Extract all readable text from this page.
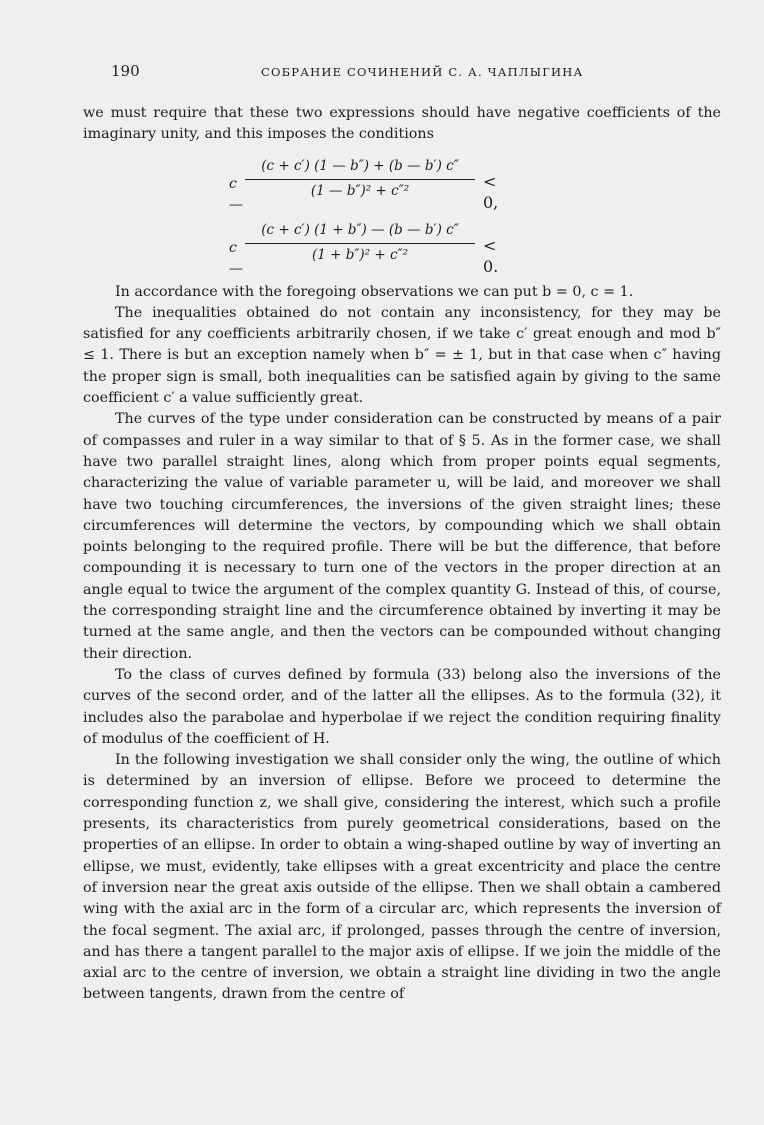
190	СОБРАНИЕ СОЧИНЕНИЙ С. А. ЧАПЛЫГИНА

we must require that these two expressions should have negative coefficients of the imaginary unity, and this imposes the conditions

c —
$\frac{(c + c') (1 — b'') + (b — b') c''}{\text{(1 — b″)² + c″²}} < 0$,
c —
$\frac{(c + c') (1 + b'') — (b — b') c''}{\text{(1 + b″)² + c″²}} < 0$.

In accordance with the foregoing observations we can put b = 0, c = 1.

The inequalities obtained do not contain any inconsistency, for they may be satisfied for any coefficients arbitrarily chosen, if we take c′ great enough and mod b″ ≤ 1. There is but an exception namely when b″ = ± 1, but in that case when c″ having the proper sign is small, both inequalities can be satisfied again by giving to the same coefficient c′ a value sufficiently great.

The curves of the type under consideration can be constructed by means of a pair of compasses and ruler in a way similar to that of § 5. As in the former case, we shall have two parallel straight lines, along which from proper points equal segments, characterizing the value of variable parameter u, will be laid, and moreover we shall have two touching circumferences, the inversions of the given straight lines; these circumferences will determine the vectors, by compounding which we shall obtain points belonging to the required profile. There will be but the difference, that before compounding it is necessary to turn one of the vectors in the proper direction at an angle equal to twice the argument of the complex quantity G. Instead of this, of course, the corresponding straight line and the circumference obtained by inverting it may be turned at the same angle, and then the vectors can be compounded without changing their direction.

To the class of curves defined by formula (33) belong also the inversions of the curves of the second order, and of the latter all the ellipses. As to the formula (32), it includes also the parabolae and hyperbolae if we reject the condition requiring finality of modulus of the coefficient of H.

In the following investigation we shall consider only the wing, the outline of which is determined by an inversion of ellipse. Before we proceed to determine the corresponding function z, we shall give, considering the interest, which such a profile presents, its characteristics from purely geometrical considerations, based on the properties of an ellipse. In order to obtain a wing-shaped outline by way of inverting an ellipse, we must, evidently, take ellipses with a great excentricity and place the centre of inversion near the great axis outside of the ellipse. Then we shall obtain a cambered wing with the axial arc in the form of a circular arc, which represents the inversion of the focal segment. The axial arc, if prolonged, passes through the centre of inversion, and has there a tangent parallel to the major axis of ellipse. If we join the middle of the axial arc to the centre of inversion, we obtain a straight line dividing in two the angle between tangents, drawn from the centre of
